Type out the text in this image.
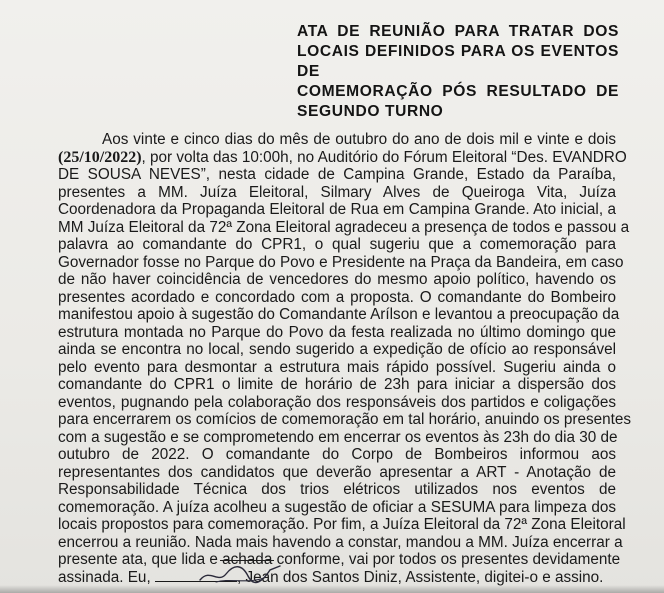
ATA DE REUNIÃO PARA TRATAR DOS
LOCAIS DEFINIDOS PARA OS EVENTOS DE
COMEMORAÇÃO PÓS RESULTADO DE
SEGUNDO TURNO
Aos vinte e cinco dias do mês de outubro do ano de dois mil e vinte e dois
(25/10/2022), por volta das 10:00h, no Auditório do Fórum Eleitoral “Des. EVANDRO
DE SOUSA NEVES”, nesta cidade de Campina Grande, Estado da Paraíba,
presentes a MM. Juíza Eleitoral, Silmary Alves de Queiroga Vita, Juíza
Coordenadora da Propaganda Eleitoral de Rua em Campina Grande. Ato inicial, a
MM Juíza Eleitoral da 72ª Zona Eleitoral agradeceu a presença de todos e passou a
palavra ao comandante do CPR1, o qual sugeriu que a comemoração para
Governador fosse no Parque do Povo e Presidente na Praça da Bandeira, em caso
de não haver coincidência de vencedores do mesmo apoio político, havendo os
presentes acordado e concordado com a proposta. O comandante do Bombeiro
manifestou apoio à sugestão do Comandante Arílson e levantou a preocupação da
estrutura montada no Parque do Povo da festa realizada no último domingo que
ainda se encontra no local, sendo sugerido a expedição de ofício ao responsável
pelo evento para desmontar a estrutura mais rápido possível. Sugeriu ainda o
comandante do CPR1 o limite de horário de 23h para iniciar a dispersão dos
eventos, pugnando pela colaboração dos responsáveis dos partidos e coligações
para encerrarem os comícios de comemoração em tal horário, anuindo os presentes
com a sugestão e se comprometendo em encerrar os eventos às 23h do dia 30 de
outubro de 2022. O comandante do Corpo de Bombeiros informou aos
representantes dos candidatos que deverão apresentar a ART - Anotação de
Responsabilidade Técnica dos trios elétricos utilizados nos eventos de
comemoração. A juíza acolheu a sugestão de oficiar a SESUMA para limpeza dos
locais propostos para comemoração. Por fim, a Juíza Eleitoral da 72ª Zona Eleitoral
encerrou a reunião. Nada mais havendo a constar, mandou a MM. Juíza encerrar a
presente ata, que lida e achada conforme, vai por todos os presentes devidamente
assinada. Eu,	, Jean dos Santos Diniz, Assistente, digitei-o e assino.
